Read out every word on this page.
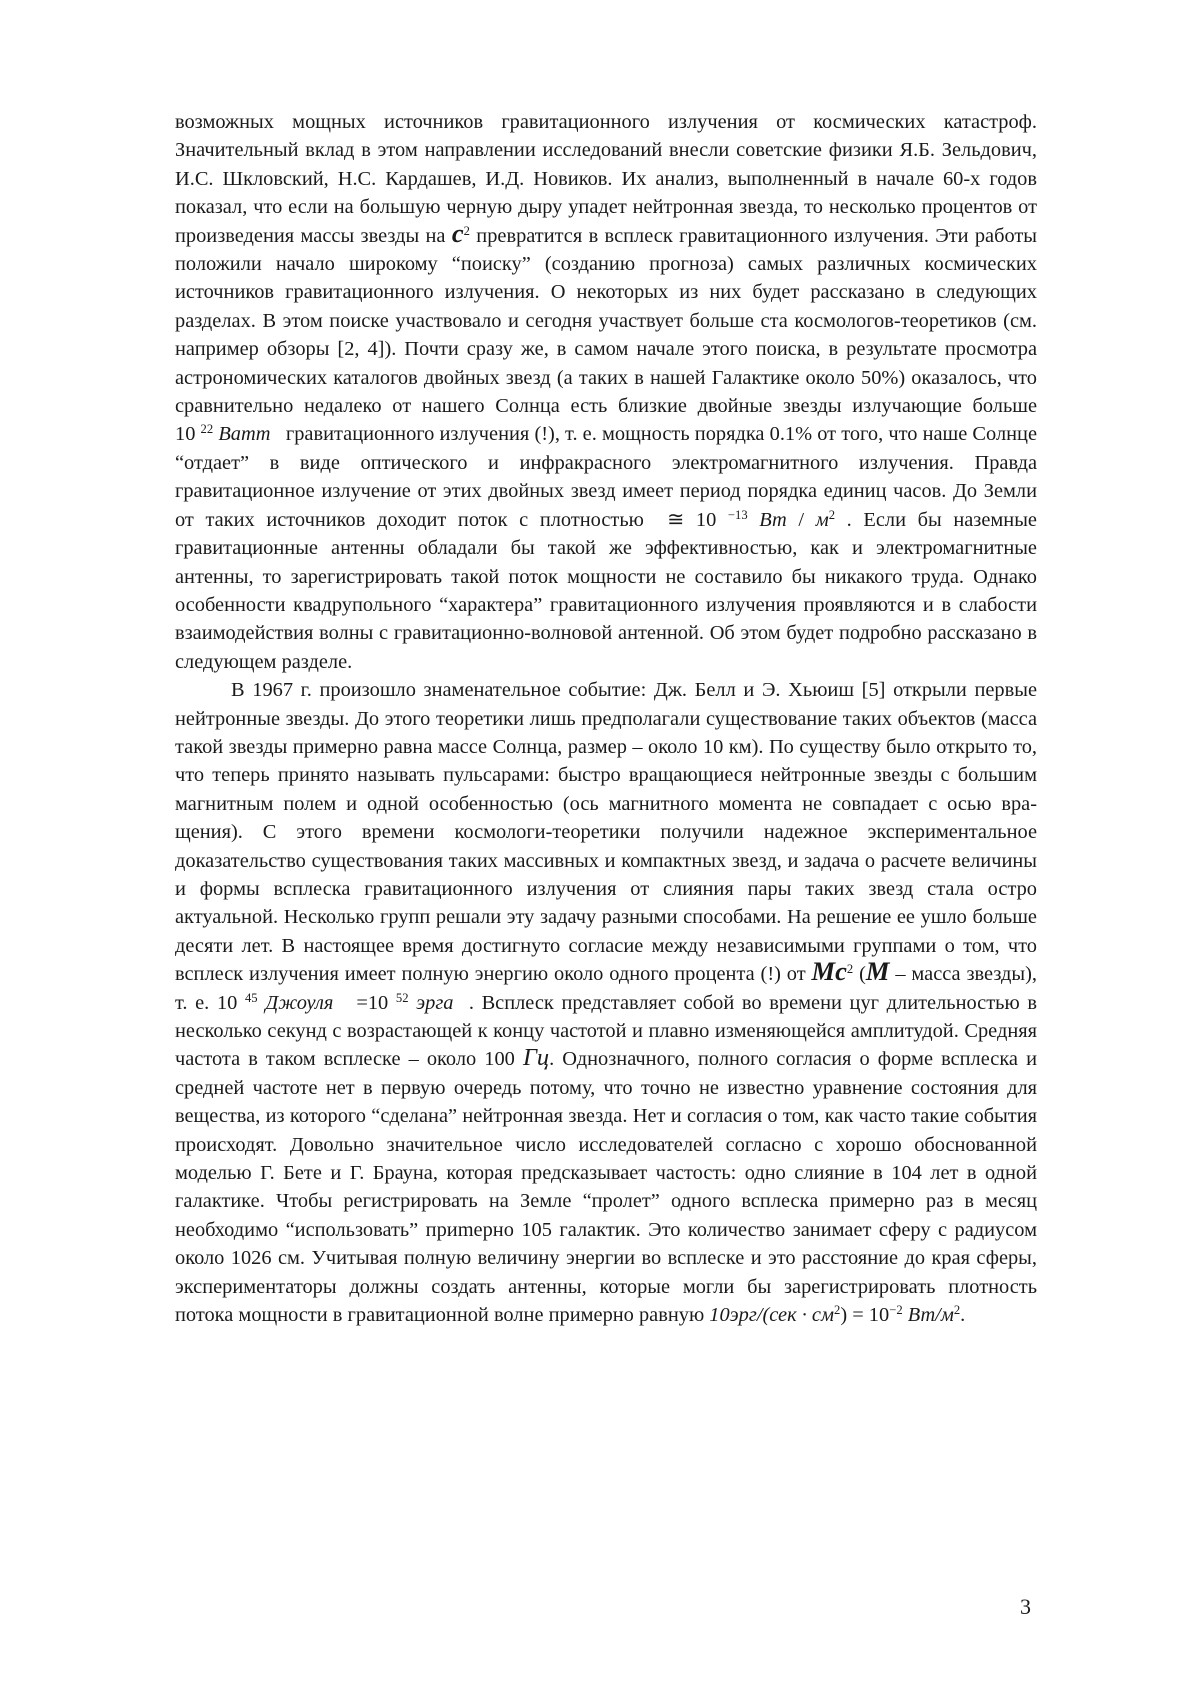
возможных мощных источников гравитационного излучения от космических катастроф. Значительный вклад в этом направлении исследований внесли советские физики Я.Б. Зельдович, И.С. Шкловский, Н.С. Кардашев, И.Д. Новиков. Их анализ, выполненный в начале 60-х годов показал, что если на большую черную дыру упадет нейтронная звезда, то несколько процентов от произведения массы звезды на $c^2$ превратится в всплеск гравитационного излучения. Эти работы положили начало широкому “поиску” (созданию прогноза) самых различных космических источников гравитационного излучения. О некоторых из них будет рассказано в следующих разделах. В этом поиске участвовало и сегодня участвует больше ста космологов-теоретиков (см. например обзоры [2, 4]). Почти сразу же, в самом начале этого поиска, в результате просмотра астрономических каталогов двойных звезд (а таких в нашей Галактике около 50%) оказалось, что сравнительно недалеко от нашего Солнца есть близкие двойные звезды излучающие больше 10 $^{22}$ Ватт гравитационного излучения (!), т. е. мощность порядка 0.1% от того, что наше Солнце “отдает” в виде оптического и инфракрасного электромагнитного излучения. Правда гравитационное излучение от этих двойных звезд имеет период порядка единиц часов. До Земли от таких источников доходит поток с плотностью  ≅ 10 $^{-13}$ Вт / $м^2$ . Если бы наземные гравитационные антенны обладали бы такой же эффективностью, как и электромагнитные антенны, то зарегистрировать такой поток мощности не составило бы никакого труда. Однако особенности квадрупольного “характера” гравитационного излучения проявляются и в слабости взаимодействия волны с гравитационно-волновой антенной. Об этом будет подробно рассказано в следующем разделе.

В 1967 г. произошло знаменательное событие: Дж. Белл и Э. Хьюиш [5] открыли первые нейтронные звезды. До этого теоретики лишь предполагали существование таких объектов (масса такой звезды примерно равна массе Солнца, размер – около 10 км). По существу было открыто то, что теперь принято называть пульсарами: быстро вращающиеся нейтронные звезды с большим магнитным полем и одной особенностью (ось магнитного момента не совпадает с осью вращения). С этого времени космологи-теоретики получили надежное экспериментальное доказательство существования таких массивных и компактных звезд, и задача о расчете величины и формы всплеска гравитационного излучения от слияния пары таких звезд стала остро актуальной. Несколько групп решали эту задачу разными способами. На решение ее ушло больше десяти лет. В настоящее время достигнуто согласие между независимыми группами о том, что всплеск излучения имеет полную энергию около одного процента (!) от Mc$^2$ (M – масса звезды), т. е. 10 $^{45}$ Джоуля =10 $^{52}$ эрга . Всплеск представляет собой во времени цуг длительностью в несколько секунд с возрастающей к концу частотой и плавно изменяющейся амплитудой. Средняя частота в таком всплеске – около 100 Гц. Однозначного, полного согласия о форме всплеска и средней частоте нет в первую очередь потому, что точно не известно уравнение состояния для вещества, из которого “сделана” нейтронная звезда. Нет и согласия о том, как часто такие события происходят. Довольно значительное число исследователей согласно с хорошо обоснованной моделью Г. Бете и Г. Брауна, которая предсказывает частость: одно слияние в 104 лет в одной галактике. Чтобы регистрировать на Земле “пролет” одного всплеска примерно раз в месяц необходимо “использовать” приmерно 105 галактик. Это количество занимает сферу с радиусом около 1026 см. Учитывая полную величину энергии во всплеске и это расстояние до края сферы, экспериментаторы должны создать антенны, которые могли бы зарегистрировать плотность потока мощности в гравитационной волне примерно равную $10эрг/(сек \cdot см^2) = 10^{-2}$ $Вт/м^2$.

3
